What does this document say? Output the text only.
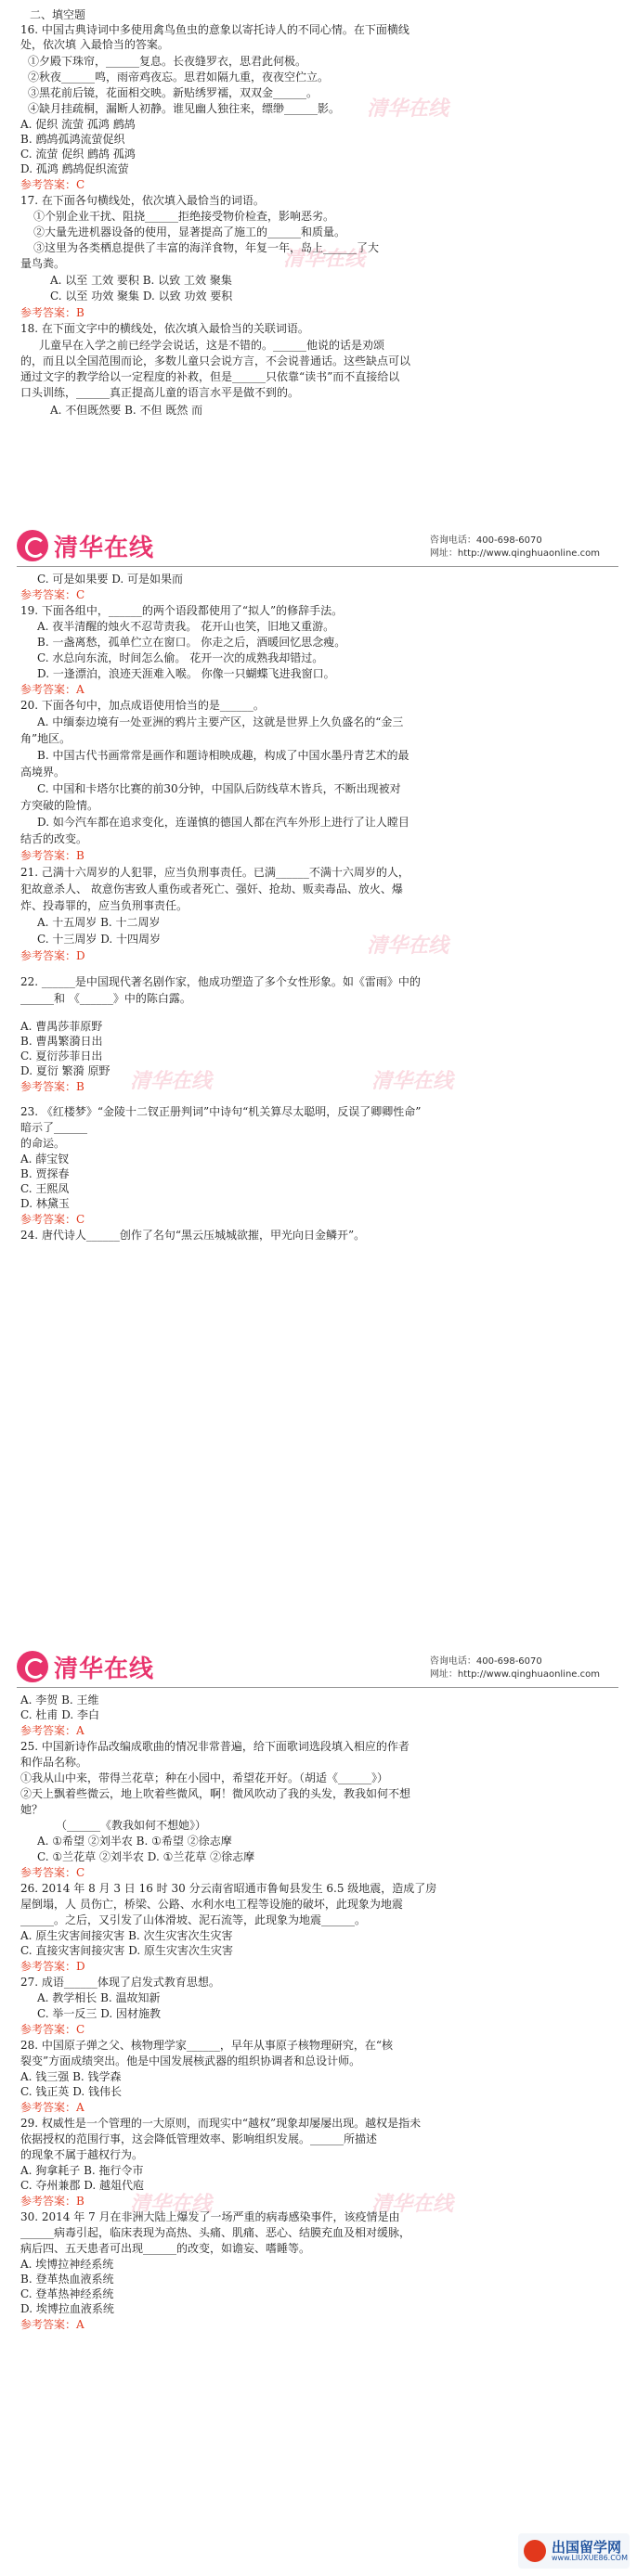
二、填空题
清华在线
清华在线
16. 中国古典诗词中多使用禽鸟鱼虫的意象以寄托诗人的不同心情。在下面横线
处，依次填 入最恰当的答案。
①夕殿下珠帘，______复息。长夜缝罗衣，思君此何极。
②秋夜______鸣，雨帝鸡夜忘。思君如隔九重，夜夜空伫立。
③黑花前后镜，花面相交映。新贴绣罗襦，双双金______。
④缺月挂疏桐，漏断人初静。谁见幽人独往来，缥缈______影。
A. 促织 流萤 孤鸿 鹧鸪
B. 鹧鸪孤鸿流萤促织
C. 流萤 促织 鹧鸪 孤鸿
D. 孤鸿 鹧鸪促织流萤
参考答案：C
17. 在下面各句横线处，依次填入最恰当的词语。
①个别企业干扰、阻挠______拒绝接受物价检查，影响恶劣。
②大量先进机器设备的使用，显著提高了施工的______和质量。
③这里为各类栖息提供了丰富的海洋食物，年复一年，岛上______了大
量鸟粪。
A. 以至 工效 要积 B. 以致 工效 聚集
C. 以至 功效 聚集 D. 以致 功效 要积
参考答案：B
18. 在下面文字中的横线处，依次填入最恰当的关联词语。
儿童早在入学之前已经学会说话，这是不错的。______他说的话是劝颂
的，而且以全国范围而论，多数儿童只会说方言，不会说普通话。这些缺点可以
通过文字的教学给以一定程度的补救，但是______只依靠“读书”而不直接给以
口头训练，______真正提高儿童的语言水平是做不到的。
A. 不但既然要 B. 不但 既然 而
清华在线	咨询电话：400-698-6070
网址：http://www.qinghuaonline.com
C. 可是如果要 D. 可是如果而
参考答案：C
19. 下面各组中，______的两个语段都使用了“拟人”的修辞手法。
A. 夜半清醒的烛火不忍苛责我。 花开山也笑，旧地又重游。
B. 一盏离愁，孤单伫立在窗口。 你走之后，酒暖回忆思念瘦。
C. 水总向东流，时间怎么偷。 花开一次的成熟我却错过。
D. 一逢漂泊，浪迹天涯难入喉。 你像一只蝴蝶飞进我窗口。
参考答案：A
20. 下面各句中，加点成语使用恰当的是______。
A. 中缅泰边境有一处亚洲的鸦片主要产区，这就是世界上久负盛名的“金三
角”地区。
B. 中国古代书画常常是画作和题诗相映成趣，构成了中国水墨丹青艺术的最
高境界。
C. 中国和卡塔尔比赛的前30分钟，中国队后防线草木皆兵，不断出现被对
方突破的险情。
D. 如今汽车都在追求变化，连谨慎的德国人都在汽车外形上进行了让人瞠目
结舌的改变。
参考答案：B
21. 己满十六周岁的人犯罪，应当负刑事责任。已满______不满十六周岁的人，
犯故意杀人、 故意伤害致人重伤或者死亡、强奸、抢劫、贩卖毒品、放火、爆
炸、投毒罪的，应当负刑事责任。
A. 十五周岁 B. 十二周岁
C. 十三周岁 D. 十四周岁
参考答案：D	清华在线
22. ______是中国现代著名剧作家，他成功塑造了多个女性形象。如《雷雨》中的
______和 《______》中的陈白露。
A. 曹禺莎菲原野
B. 曹禺繁漪日出
C. 夏衍莎菲日出
D. 夏衍 繁漪 原野
参考答案：B 清华在线	清华在线
23. 《红楼梦》“金陵十二钗正册判词”中诗句“机关算尽太聪明，反误了卿卿性命”
暗示了______
的命运。
A. 薛宝钗
B. 贾探春
C. 王熙凤
D. 林黛玉
参考答案：C
24. 唐代诗人______创作了名句“黑云压城城欲摧，甲光向日金鳞开”。
清华在线	咨询电话：400-698-6070
网址：http://www.qinghuaonline.com
A. 李贺 B. 王维
C. 杜甫 D. 李白
参考答案：A
25. 中国新诗作品改编成歌曲的情况非常普遍，给下面歌词选段填入相应的作者
和作品名称。
①我从山中来，带得兰花草；种在小园中，希望花开好。（胡适《______》）
②天上飘着些微云，地上吹着些微风，啊！微风吹动了我的头发，教我如何不想
她？
（______《教我如何不想她》）
A. ①希望 ②刘半农 B. ①希望 ②徐志摩
C. ①兰花草 ②刘半农 D. ①兰花草 ②徐志摩
参考答案：C
26. 2014 年 8 月 3 日 16 时 30 分云南省昭通市鲁甸县发生 6.5 级地震，造成了房
屋倒塌，人 员伤亡，桥梁、公路、水利水电工程等设施的破坏，此现象为地震
______。之后，又引发了山体滑坡、泥石流等，此现象为地震______。
A. 原生灾害间接灾害 B. 次生灾害次生灾害
C. 直接灾害间接灾害 D. 原生灾害次生灾害
参考答案：D
27. 成语______体现了启发式教育思想。
A. 教学相长 B. 温故知新
C. 举一反三 D. 因材施教
参考答案：C
28. 中国原子弹之父、核物理学家______，早年从事原子核物理研究，在“核
裂变”方面成绩突出。他是中国发展核武器的组织协调者和总设计师。
A. 钱三强 B. 钱学森
C. 钱正英 D. 钱伟长
参考答案：A
29. 权威性是一个管理的一大原则，而现实中“越权”现象却屡屡出现。越权是指未
依据授权的范围行事，这会降低管理效率、影响组织发展。______所描述
的现象不属于越权行为。
A. 狗拿耗子 B. 拖行令市
C. 夺州兼郡 D. 越俎代庖
参考答案：B 清华在线	清华在线
30. 2014 年 7 月在非洲大陆上爆发了一场严重的病毒感染事件，该疫情是由
______病毒引起，临床表现为高热、头痛、肌痛、恶心、结膜充血及相对缓脉，
病后四、五天患者可出现______的改变，如谵妄、嗜睡等。
A. 埃博拉神经系统
B. 登革热血液系统
C. 登革热神经系统
D. 埃博拉血液系统
参考答案：A
出国留学网
www.LIUXUE86.COM
